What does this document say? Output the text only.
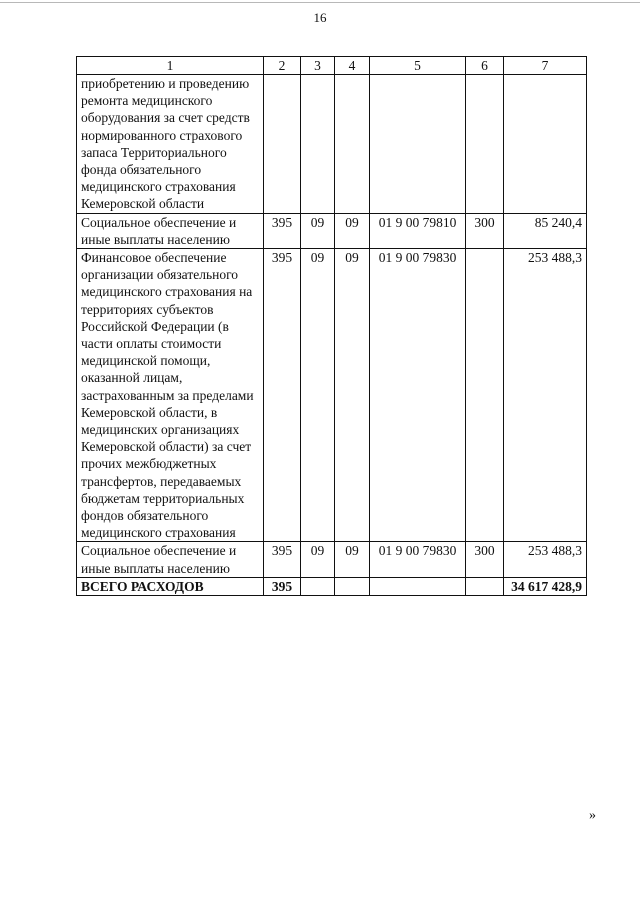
16
1	2	3	4	5	6	7
приобретению и проведению ремонта медицинского оборудования за счет средств нормированного страхового запаса Территориального фонда обязательного медицинского страхования Кемеровской области						
Социальное обеспечение и иные выплаты населению	395	09	09	01 9 00 79810	300	85 240,4
Финансовое обеспечение организации обязательного медицинского страхования на территориях субъектов Российской Федерации (в части оплаты стоимости медицинской помощи, оказанной лицам, застрахованным за пределами Кемеровской области, в медицинских организациях Кемеровской области) за счет прочих межбюджетных трансфертов, передаваемых бюджетам территориальных фондов обязательного медицинского страхования	395	09	09	01 9 00 79830		253 488,3
Социальное обеспечение и иные выплаты населению	395	09	09	01 9 00 79830	300	253 488,3
ВСЕГО РАСХОДОВ	395					34 617 428,9
»
